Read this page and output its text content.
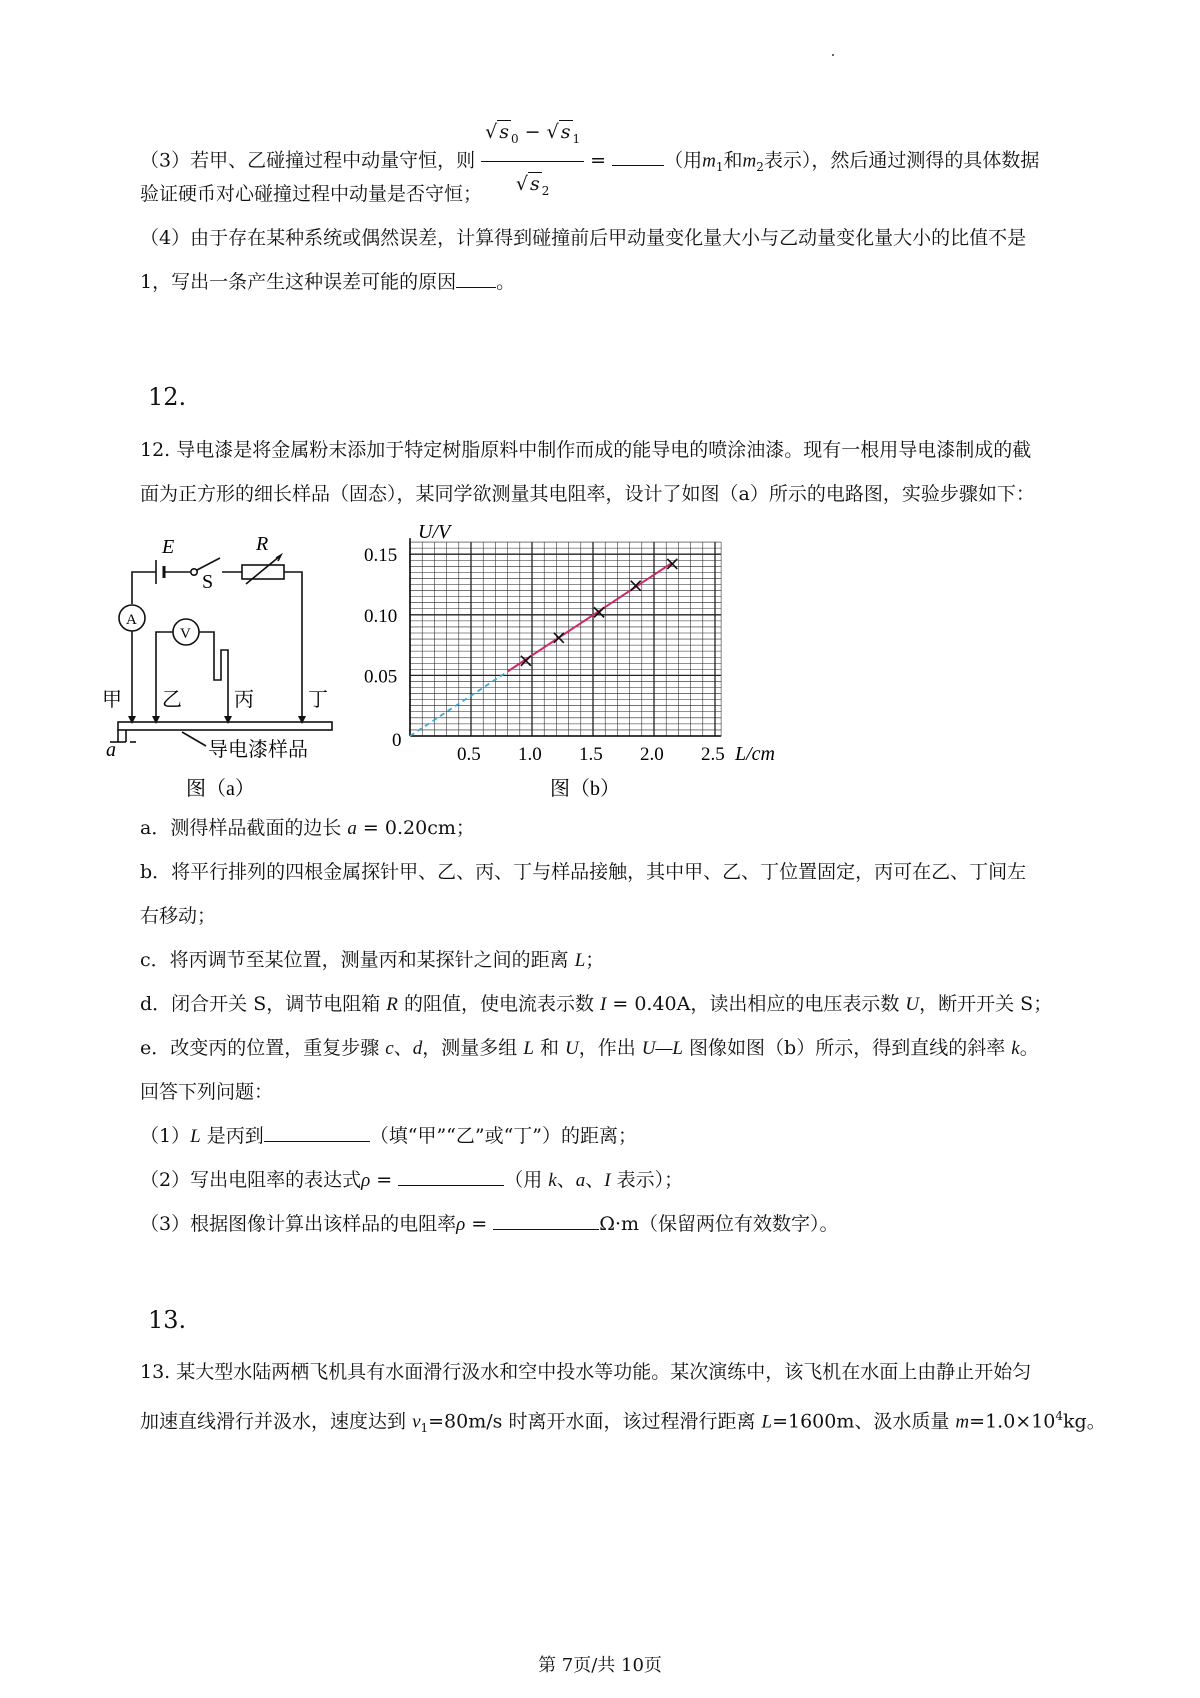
（3）若甲、乙碰撞过程中动量守恒，则 $\frac{√ s _0 - √ s _1}{√ s _2}$ =	（用$m_1$和$m_2$表示），然后通过测得的具体数据
验证硬币对心碰撞过程中动量是否守恒；
（4）由于存在某种系统或偶然误差，计算得到碰撞前后甲动量变化量大小与乙动量变化量大小的比值不是
1，写出一条产生这种误差可能的原因 。
12.
12. 导电漆是将金属粉末添加于特定树脂原料中制作而成的能导电的喷涂油漆。现有一根用导电漆制成的截
面为正方形的细长样品（固态），某同学欲测量其电阻率，设计了如图（a）所示的电路图，实验步骤如下：
E	R
S
A
V
甲 乙	丙	丁
a	导电漆样品
图（a）
0.5 1.0 1.5 2.0 2.5
0.05
0.10
0.15
0
U/V
L/cm
图（b）
a．测得样品截面的边长 a = 0.20cm；
b．将平行排列的四根金属探针甲、乙、丙、丁与样品接触，其中甲、乙、丁位置固定，丙可在乙、丁间左
右移动；
c．将丙调节至某位置，测量丙和某探针之间的距离 L；
d．闭合开关 S，调节电阻箱 R 的阻值，使电流表示数 I = 0.40A，读出相应的电压表示数 U，断开开关 S；
e．改变丙的位置，重复步骤 c、d，测量多组 L 和 U，作出 U—L 图像如图（b）所示，得到直线的斜率 k。
回答下列问题：
（1）L 是丙到	（填“甲”“乙”或“丁”）的距离；
（2）写出电阻率的表达式ρ =	（用 k、a、I 表示）；
（3）根据图像计算出该样品的电阻率ρ =	Ω·m（保留两位有效数字）。
13.
13. 某大型水陆两栖飞机具有水面滑行汲水和空中投水等功能。某次演练中，该飞机在水面上由静止开始匀
加速直线滑行并汲水，速度达到 $v_1=80m/s$ 时离开水面，该过程滑行距离 L=1600m、汲水质量 $m=1.0\times 10^4kg$。
第 7页/共 10页
